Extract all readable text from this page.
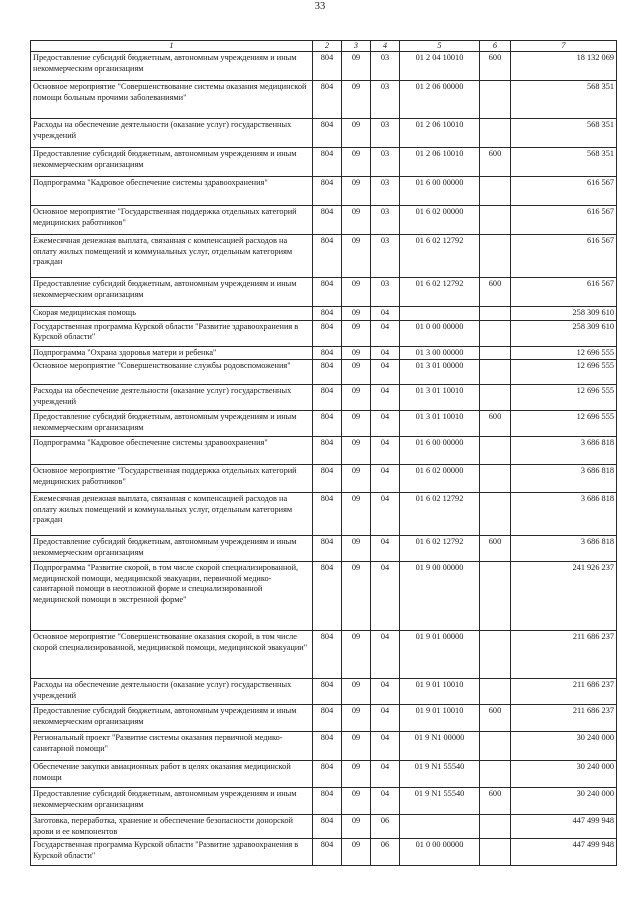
33
1	2	3	4	5	6	7
Предоставление субсидий бюджетным, автономным учреждениям и иным некоммерческим организациям	804	09	03	01 2 04 10010	600	18 132 069
Основное мероприятие "Совершенствование системы оказания медицинской помощи больным прочими заболеваниями"	804	09	03	01 2 06 00000		568 351
Расходы на обеспечение деятельности (оказание услуг) государственных учреждений	804	09	03	01 2 06 10010		568 351
Предоставление субсидий бюджетным, автономным учреждениям и иным некоммерческим организациям	804	09	03	01 2 06 10010	600	568 351
Подпрограмма "Кадровое обеспечение системы здравоохранения"	804	09	03	01 6 00 00000		616 567
Основное мероприятие "Государственная поддержка отдельных категорий медицинских работников"	804	09	03	01 6 02 00000		616 567
Ежемесячная денежная выплата, связанная с компенсацией расходов на оплату жилых помещений и коммунальных услуг, отдельным категориям граждан	804	09	03	01 6 02 12792		616 567
Предоставление субсидий бюджетным, автономным учреждениям и иным некоммерческим организациям	804	09	03	01 6 02 12792	600	616 567
Скорая медицинская помощь	804	09	04			258 309 610
Государственная программа Курской области "Развитие здравоохранения в Курской области"	804	09	04	01 0 00 00000		258 309 610
Подпрограмма "Охрана здоровья матери и ребенка"	804	09	04	01 3 00 00000		12 696 555
Основное мероприятие "Совершенствование службы родовспоможения"	804	09	04	01 3 01 00000		12 696 555
Расходы на обеспечение деятельности (оказание услуг) государственных учреждений	804	09	04	01 3 01 10010		12 696 555
Предоставление субсидий бюджетным, автономным учреждениям и иным некоммерческим организациям	804	09	04	01 3 01 10010	600	12 696 555
Подпрограмма "Кадровое обеспечение системы здравоохранения"	804	09	04	01 6 00 00000		3 686 818
Основное мероприятие "Государственная поддержка отдельных категорий медицинских работников"	804	09	04	01 6 02 00000		3 686 818
Ежемесячная денежная выплата, связанная с компенсацией расходов на оплату жилых помещений и коммунальных услуг, отдельным категориям граждан	804	09	04	01 6 02 12792		3 686 818
Предоставление субсидий бюджетным, автономным учреждениям и иным некоммерческим организациям	804	09	04	01 6 02 12792	600	3 686 818
Подпрограмма "Развитие скорой, в том числе скорой специализированной, медицинской помощи, медицинской эвакуации, первичной медико-санитарной помощи в неотложной форме и специализированной медицинской помощи в экстренной форме"	804	09	04	01 9 00 00000		241 926 237
Основное мероприятие "Совершенствование оказания скорой, в том числе скорой специализированной, медицинской помощи, медицинской эвакуации"	804	09	04	01 9 01 00000		211 686 237
Расходы на обеспечение деятельности (оказание услуг) государственных учреждений	804	09	04	01 9 01 10010		211 686 237
Предоставление субсидий бюджетным, автономным учреждениям и иным некоммерческим организациям	804	09	04	01 9 01 10010	600	211 686 237
Региональный проект "Развитие системы оказания первичной медико-санитарной помощи"	804	09	04	01 9 N1 00000		30 240 000
Обеспечение закупки авиационных работ в целях оказания медицинской помощи	804	09	04	01 9 N1 55540		30 240 000
Предоставление субсидий бюджетным, автономным учреждениям и иным некоммерческим организациям	804	09	04	01 9 N1 55540	600	30 240 000
Заготовка, переработка, хранение и обеспечение безопасности донорской крови и ее компонентов	804	09	06			447 499 948
Государственная программа Курской области "Развитие здравоохранения в Курской области"	804	09	06	01 0 00 00000		447 499 948
